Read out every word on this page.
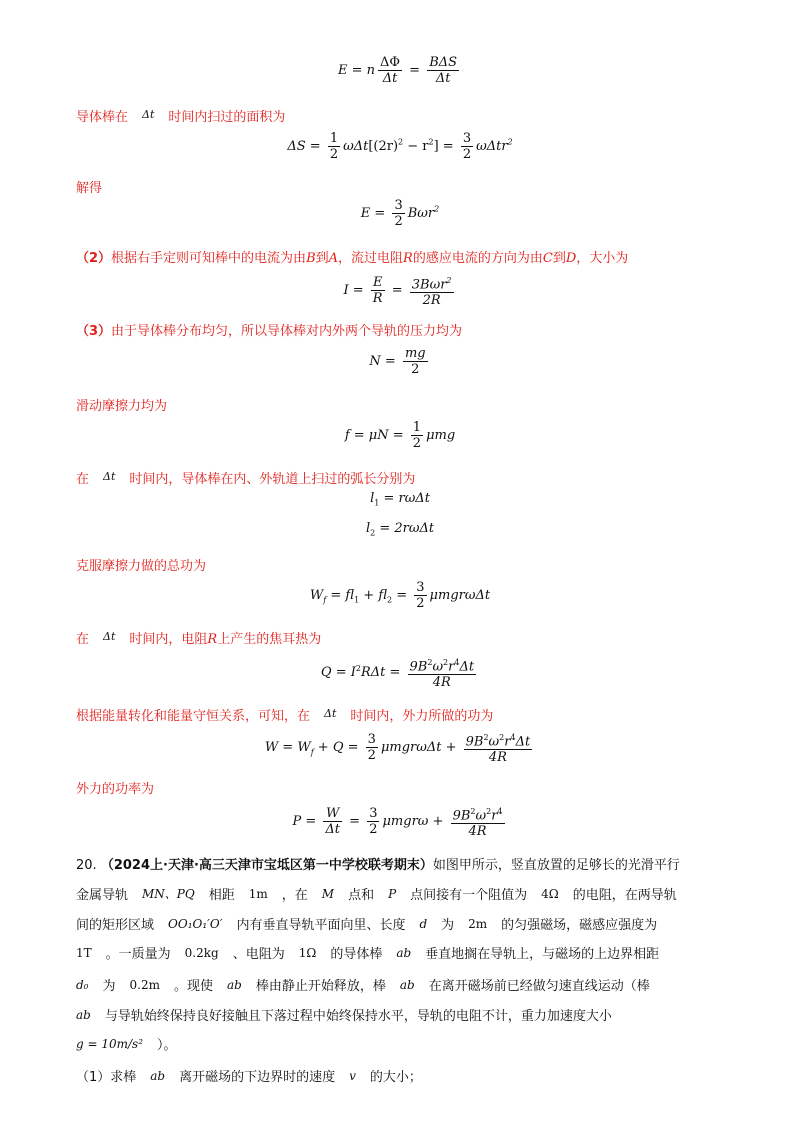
E = n $\frac{\Delta\Phi}{\Delta t} = \frac{\text{BΔS}}{\Delta t}$
导体棒在 Δt 时间内扫过的面积为
$\Delta S = \frac{1}{2} \omega\Delta t[(2r)^2 - r^2] = \frac{3}{2} \omega\Delta tr^2$
解得
$E = \frac{3}{2} B\omega r^2$
（2）根据右手定则可知棒中的电流为由B到A，流过电阻R的感应电流的方向为由C到D，大小为
$I = \frac{E}{R} = \frac{3B\omega r^2}{2R}$
（3）由于导体棒分布均匀，所以导体棒对内外两个导轨的压力均为
$N = \frac{mg}{2}$
滑动摩擦力均为
$f = \mu N = \frac{1}{2}$ μmg
在 Δt 时间内，导体棒在内、外轨道上扫过的弧长分别为
$l_1 = r\omega\Delta t$
$l_2 = 2r\omega\Delta t$
克服摩擦力做的总功为
$W_f = fl_1 + fl_2 = \frac{3}{2}$ μmgrωΔt
在 Δt 时间内，电阻R上产生的焦耳热为
$Q = I^2R\Delta t = \frac{9B^2\omega^2r^4\Delta t}{4R}$
根据能量转化和能量守恒关系，可知，在 Δt 时间内，外力所做的功为
$W = W_f + Q = \frac{3}{2}$ $\mu mgr\omega\Delta t + \frac{9B^2\omega^2r^4\Delta t}{4R}$
外力的功率为
$P = \frac{W}{\Delta t} = \frac{3}{2}$ $\mu mgr\omega + \frac{9B^2\omega^2r^4}{4R}$
20. （2024上·天津·高三天津市宝坻区第一中学校联考期末）如图甲所示，竖直放置的足够长的光滑平行
金属导轨 MN、PQ 相距 1m ，在 M 点和 P 点间接有一个阻值为 4Ω 的电阻，在两导轨
间的矩形区域 OO₁O₁′O′ 内有垂直导轨平面向里、长度 d 为 2m 的匀强磁场，磁感应强度为
1T 。一质量为 0.2kg 、电阻为 1Ω 的导体棒 ab 垂直地搁在导轨上，与磁场的上边界相距
d₀ 为 0.2m 。现使 ab 棒由静止开始释放，棒 ab 在离开磁场前已经做匀速直线运动（棒
ab 与导轨始终保持良好接触且下落过程中始终保持水平，导轨的电阻不计，重力加速度大小
g = 10m/s² ）。
（1）求棒 ab 离开磁场的下边界时的速度 v 的大小；
